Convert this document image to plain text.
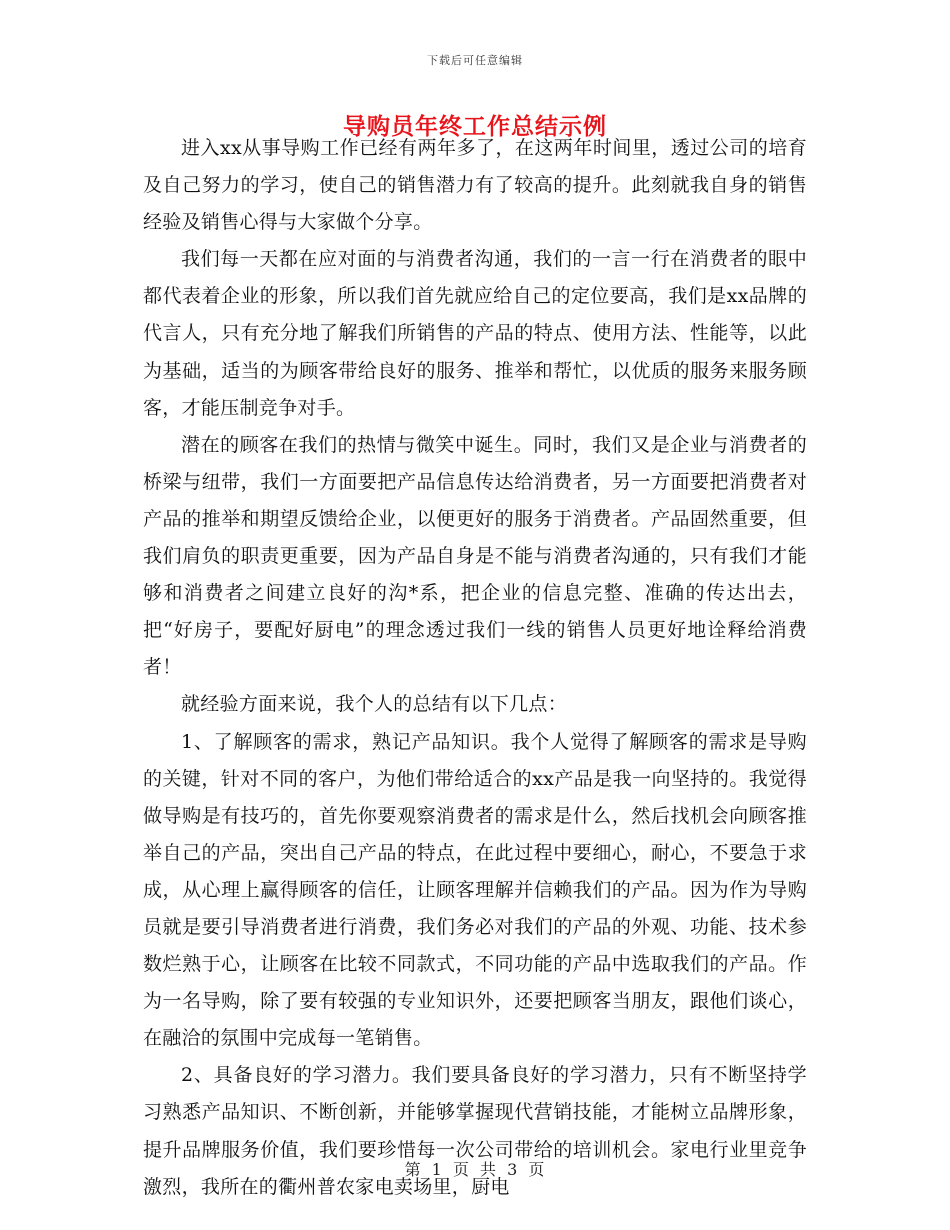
下载后可任意编辑
导购员年终工作总结示例

进入xx从事导购工作已经有两年多了，在这两年时间里，透过公司的培育及自己努力的学习，使自己的销售潜力有了较高的提升。此刻就我自身的销售经验及销售心得与大家做个分享。

我们每一天都在应对面的与消费者沟通，我们的一言一行在消费者的眼中都代表着企业的形象，所以我们首先就应给自己的定位要高，我们是xx品牌的代言人，只有充分地了解我们所销售的产品的特点、使用方法、性能等，以此为基础，适当的为顾客带给良好的服务、推举和帮忙，以优质的服务来服务顾客，才能压制竞争对手。

潜在的顾客在我们的热情与微笑中诞生。同时，我们又是企业与消费者的桥梁与纽带，我们一方面要把产品信息传达给消费者，另一方面要把消费者对产品的推举和期望反馈给企业，以便更好的服务于消费者。产品固然重要，但我们肩负的职责更重要，因为产品自身是不能与消费者沟通的，只有我们才能够和消费者之间建立良好的沟*系，把企业的信息完整、准确的传达出去，把“好房子，要配好厨电”的理念透过我们一线的销售人员更好地诠释给消费者！

就经验方面来说，我个人的总结有以下几点：

1、了解顾客的需求，熟记产品知识。我个人觉得了解顾客的需求是导购的关键，针对不同的客户，为他们带给适合的xx产品是我一向坚持的。我觉得做导购是有技巧的，首先你要观察消费者的需求是什么，然后找机会向顾客推举自己的产品，突出自己产品的特点，在此过程中要细心，耐心，不要急于求成，从心理上赢得顾客的信任，让顾客理解并信赖我们的产品。因为作为导购员就是要引导消费者进行消费，我们务必对我们的产品的外观、功能、技术参数烂熟于心，让顾客在比较不同款式，不同功能的产品中选取我们的产品。作为一名导购，除了要有较强的专业知识外，还要把顾客当朋友，跟他们谈心，在融洽的氛围中完成每一笔销售。

2、具备良好的学习潜力。我们要具备良好的学习潜力，只有不断坚持学习熟悉产品知识、不断创新，并能够掌握现代营销技能，才能树立品牌形象，提升品牌服务价值，我们要珍惜每一次公司带给的培训机会。家电行业里竞争激烈，我所在的衢州普农家电卖场里，厨电

第 1 页 共 3 页
